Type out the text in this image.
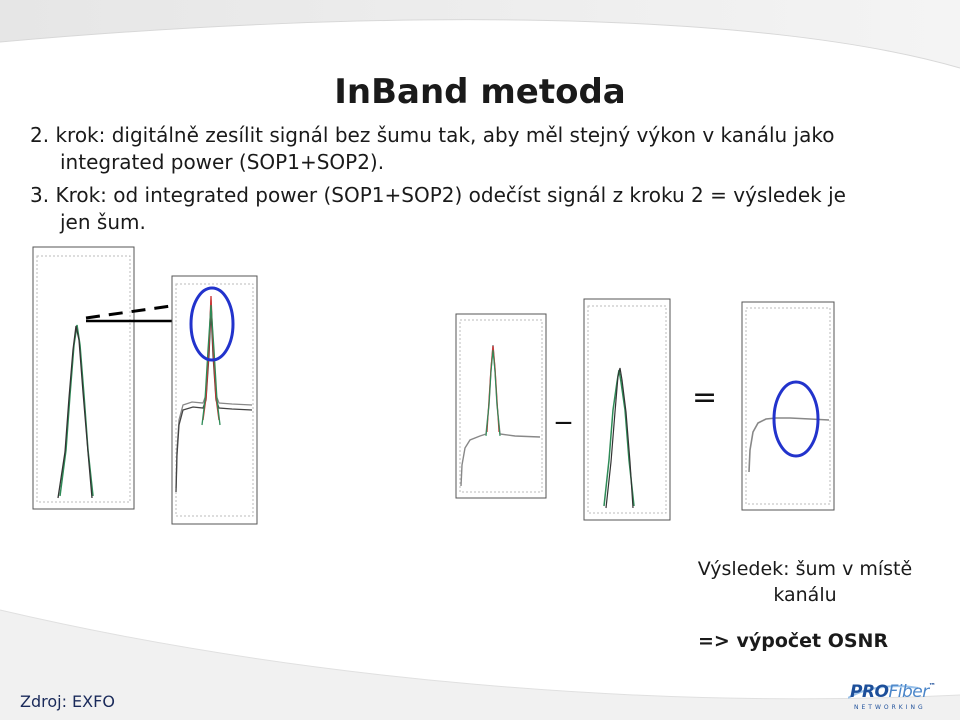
InBand metoda
2. krok: digitálně zesílit signál bez šumu tak, aby měl stejný výkon v kanálu jako
integrated power (SOP1+SOP2).
3. Krok: od integrated power (SOP1+SOP2) odečíst signál z kroku 2 = výsledek je
jen šum.
_	=
Výsledek: šum v místě
kanálu
=> výpočet OSNR
Zdroj: EXFO	PROFiber™
NETWORKING
